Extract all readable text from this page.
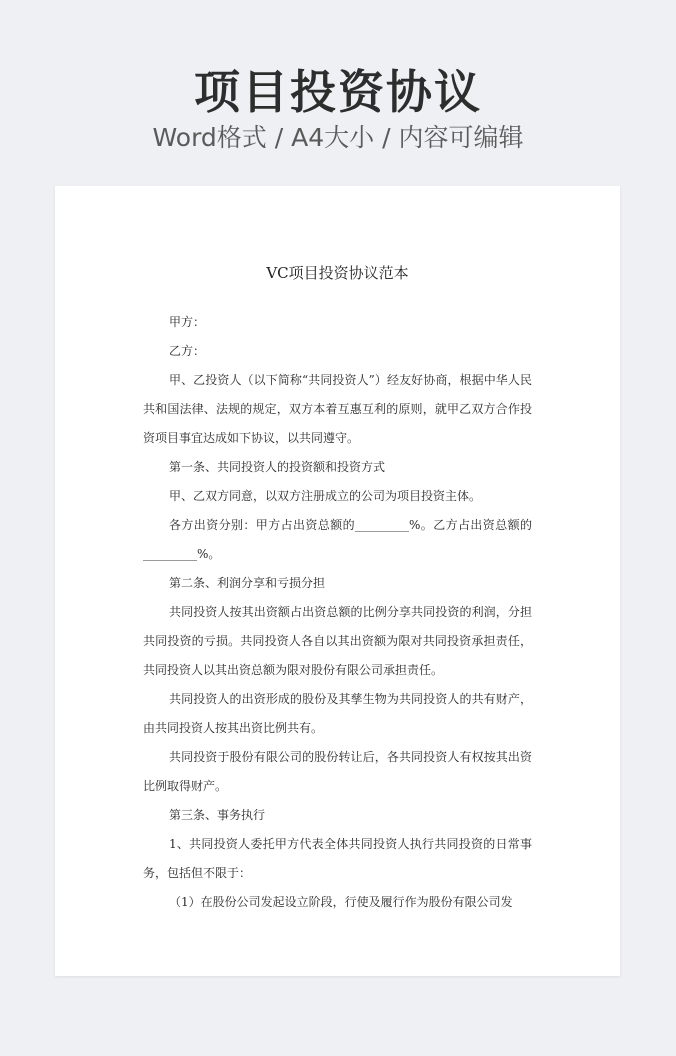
项目投资协议
Word格式 / A4大小 / 内容可编辑
VC项目投资协议范本

甲方：

乙方：

甲、乙投资人（以下简称“共同投资人”）经友好协商，根据中华人民共和国法律、法规的规定，双方本着互惠互利的原则，就甲乙双方合作投资项目事宜达成如下协议，以共同遵守。

第一条、共同投资人的投资额和投资方式

甲、乙双方同意，以双方注册成立的公司为项目投资主体。

各方出资分别：甲方占出资总额的_________%。乙方占出资总额的_________%。

第二条、利润分享和亏损分担

共同投资人按其出资额占出资总额的比例分享共同投资的利润，分担共同投资的亏损。共同投资人各自以其出资额为限对共同投资承担责任，共同投资人以其出资总额为限对股份有限公司承担责任。

共同投资人的出资形成的股份及其孳生物为共同投资人的共有财产，由共同投资人按其出资比例共有。

共同投资于股份有限公司的股份转让后，各共同投资人有权按其出资比例取得财产。

第三条、事务执行

1、共同投资人委托甲方代表全体共同投资人执行共同投资的日常事务，包括但不限于：

（1）在股份公司发起设立阶段，行使及履行作为股份有限公司发
